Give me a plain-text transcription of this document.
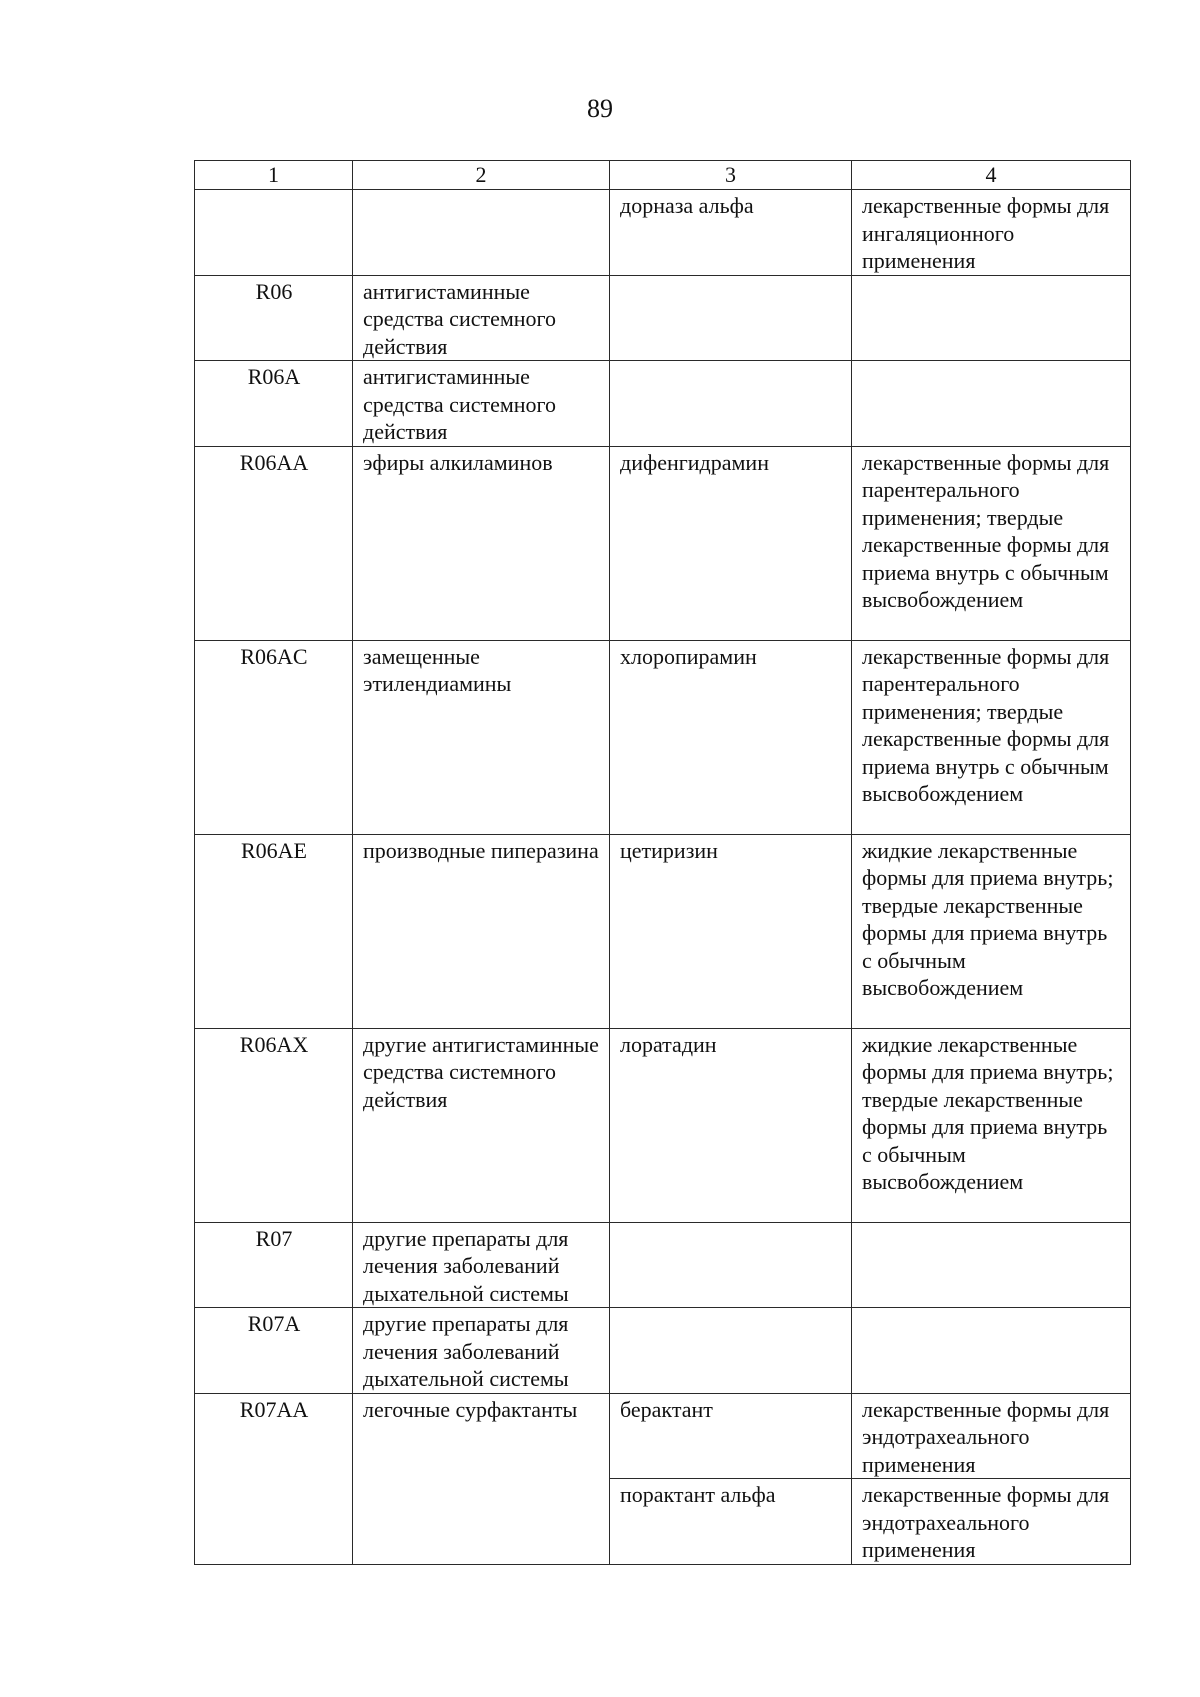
89
1	2	3	4
		дорназа альфа	лекарственные формы для ингаляционного применения
R06	антигистаминные средства системного действия		
R06A	антигистаминные средства системного действия		
R06AA	эфиры алкиламинов	дифенгидрамин	лекарственные формы для парентерального применения; твердые лекарственные формы для приема внутрь с обычным высвобождением
R06AC	замещенные этилендиамины	хлоропирамин	лекарственные формы для парентерального применения; твердые лекарственные формы для приема внутрь с обычным высвобождением
R06AE	производные пиперазина	цетиризин	жидкие лекарственные формы для приема внутрь; твердые лекарственные формы для приема внутрь с обычным высвобождением
R06AX	другие антигистаминные средства системного действия	лоратадин	жидкие лекарственные формы для приема внутрь; твердые лекарственные формы для приема внутрь с обычным высвобождением
R07	другие препараты для лечения заболеваний дыхательной системы		
R07A	другие препараты для лечения заболеваний дыхательной системы		
R07AA	легочные сурфактанты	берактант	лекарственные формы для эндотрахеального применения
		порактант альфа	лекарственные формы для эндотрахеального применения
